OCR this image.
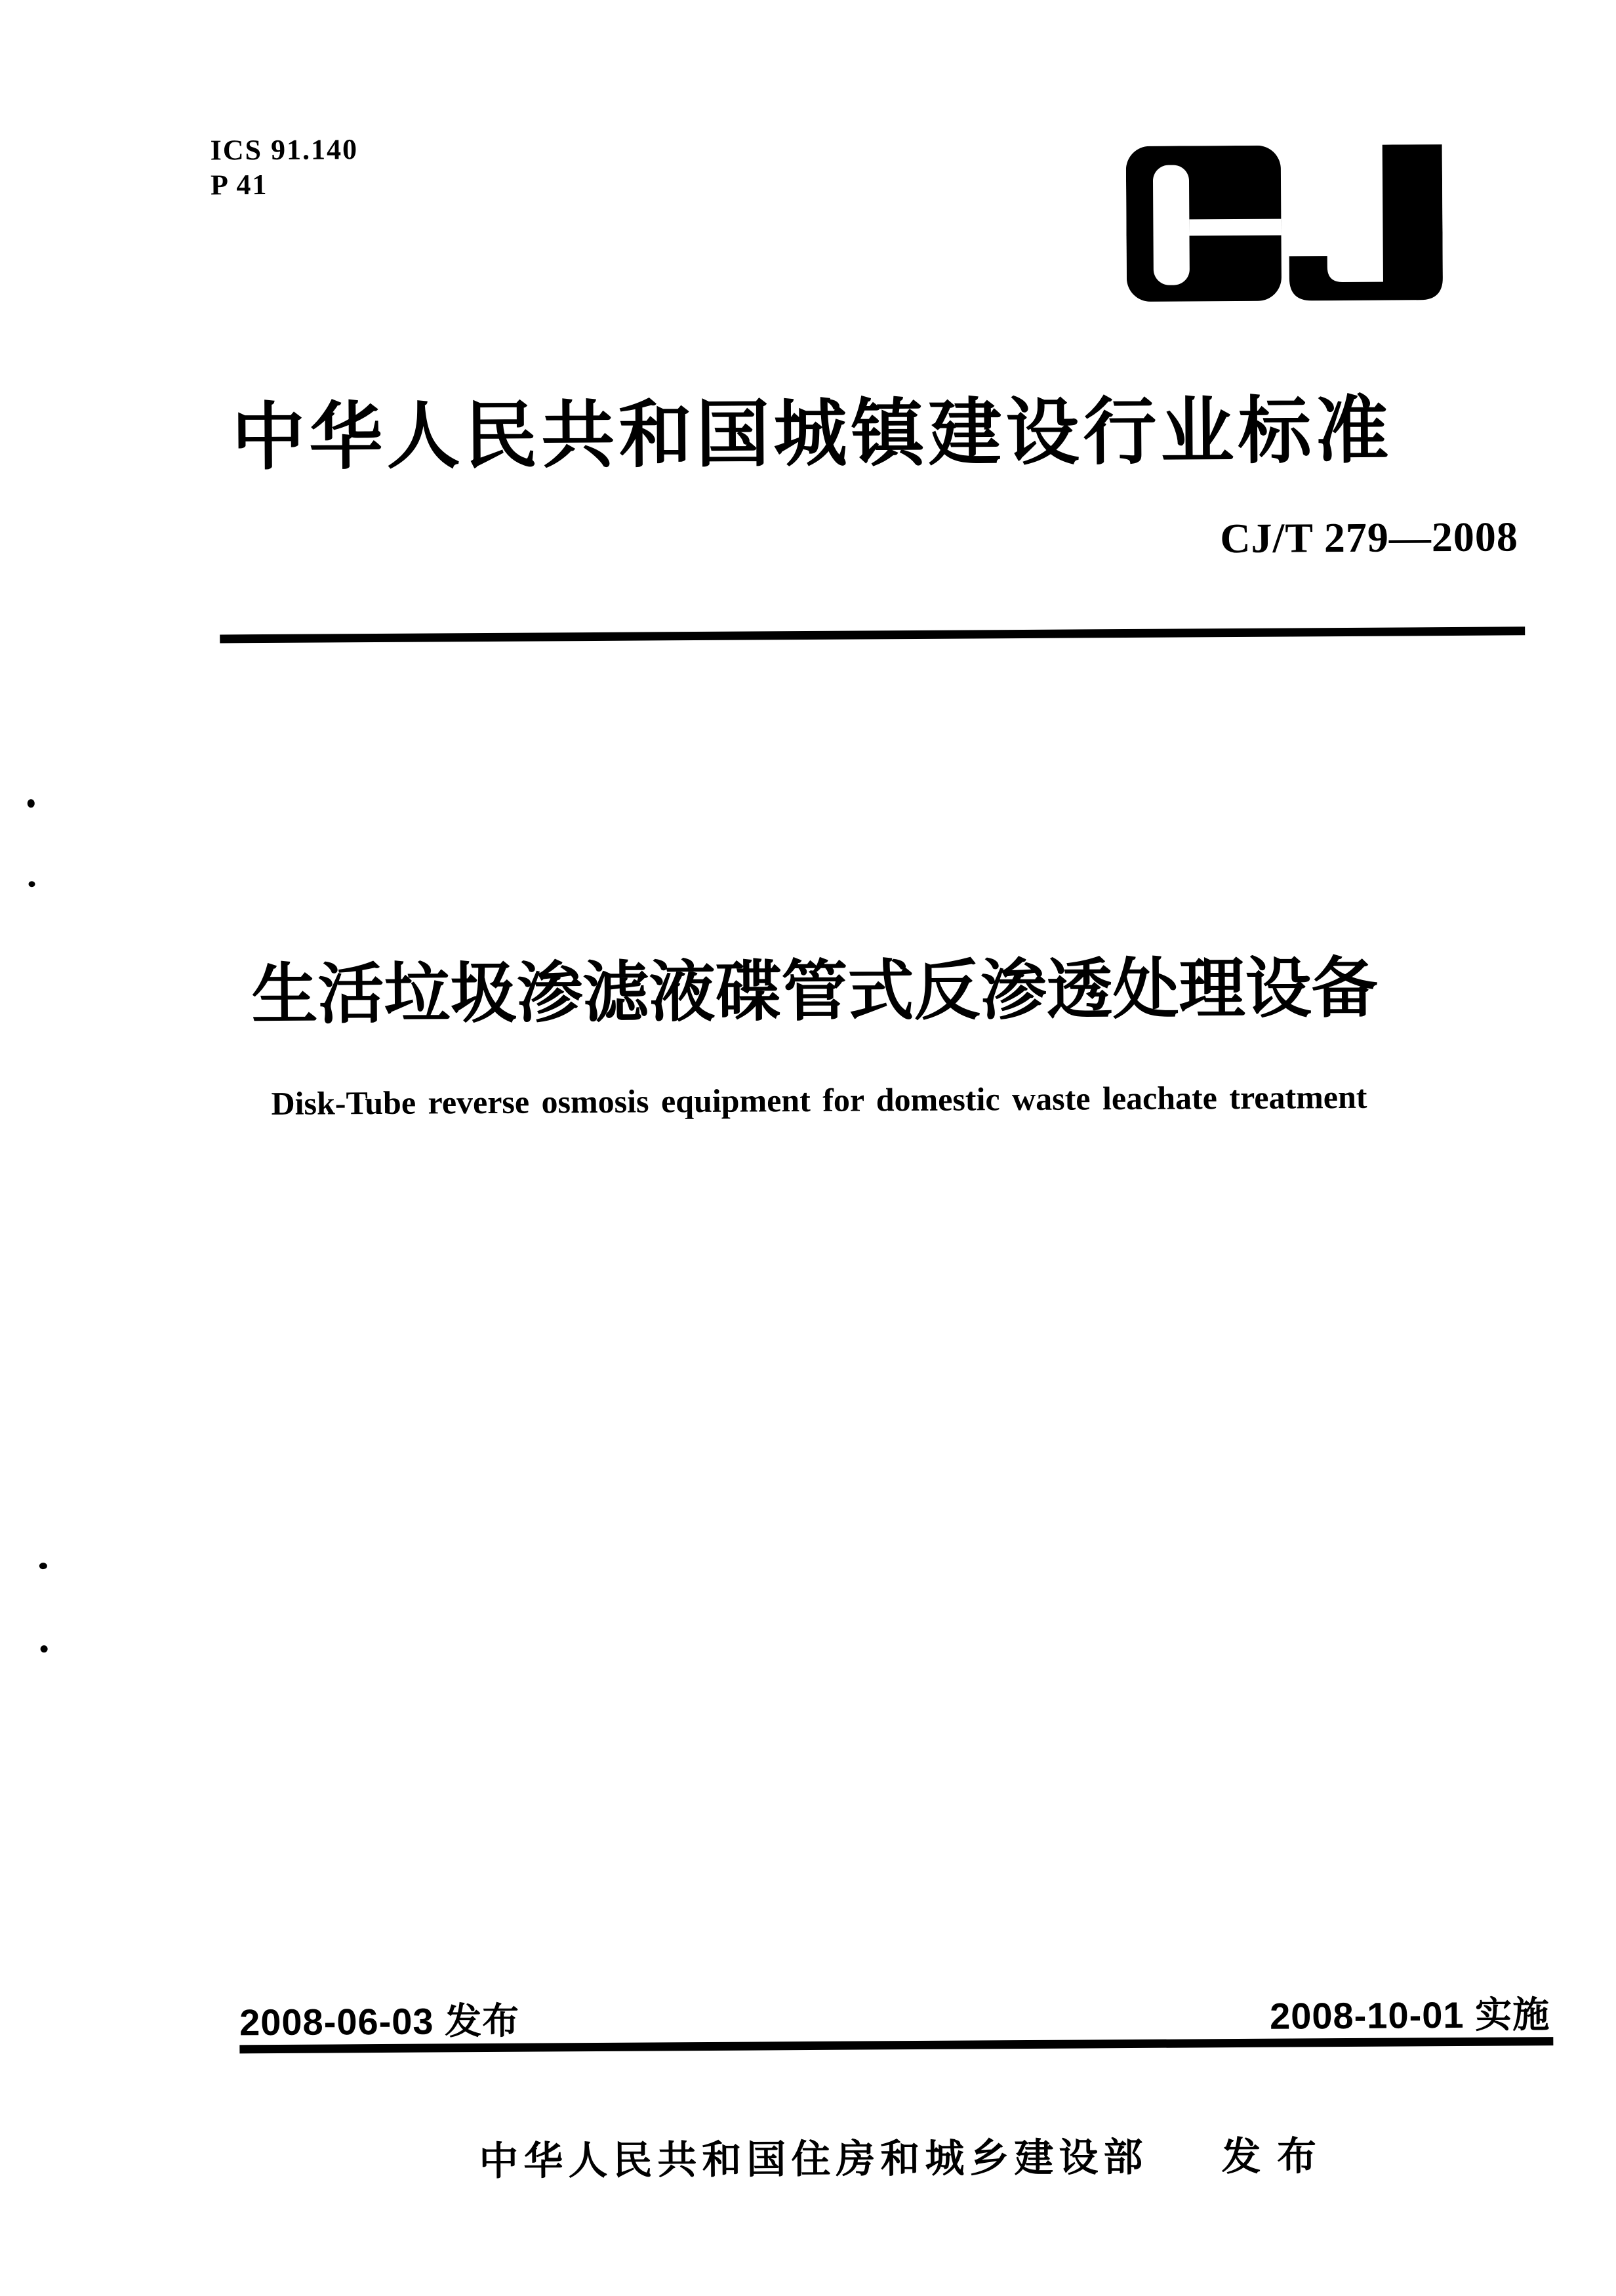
ICS 91.140
P 41
中华人民共和国城镇建设行业标准
CJ/T 279—2008
生活垃圾渗滤液碟管式反渗透处理设备
Disk-Tube reverse osmosis equipment for domestic waste leachate treatment
2008-06-03 发布	2008-10-01 实施
中华人民共和国住房和城乡建设部 发 布
